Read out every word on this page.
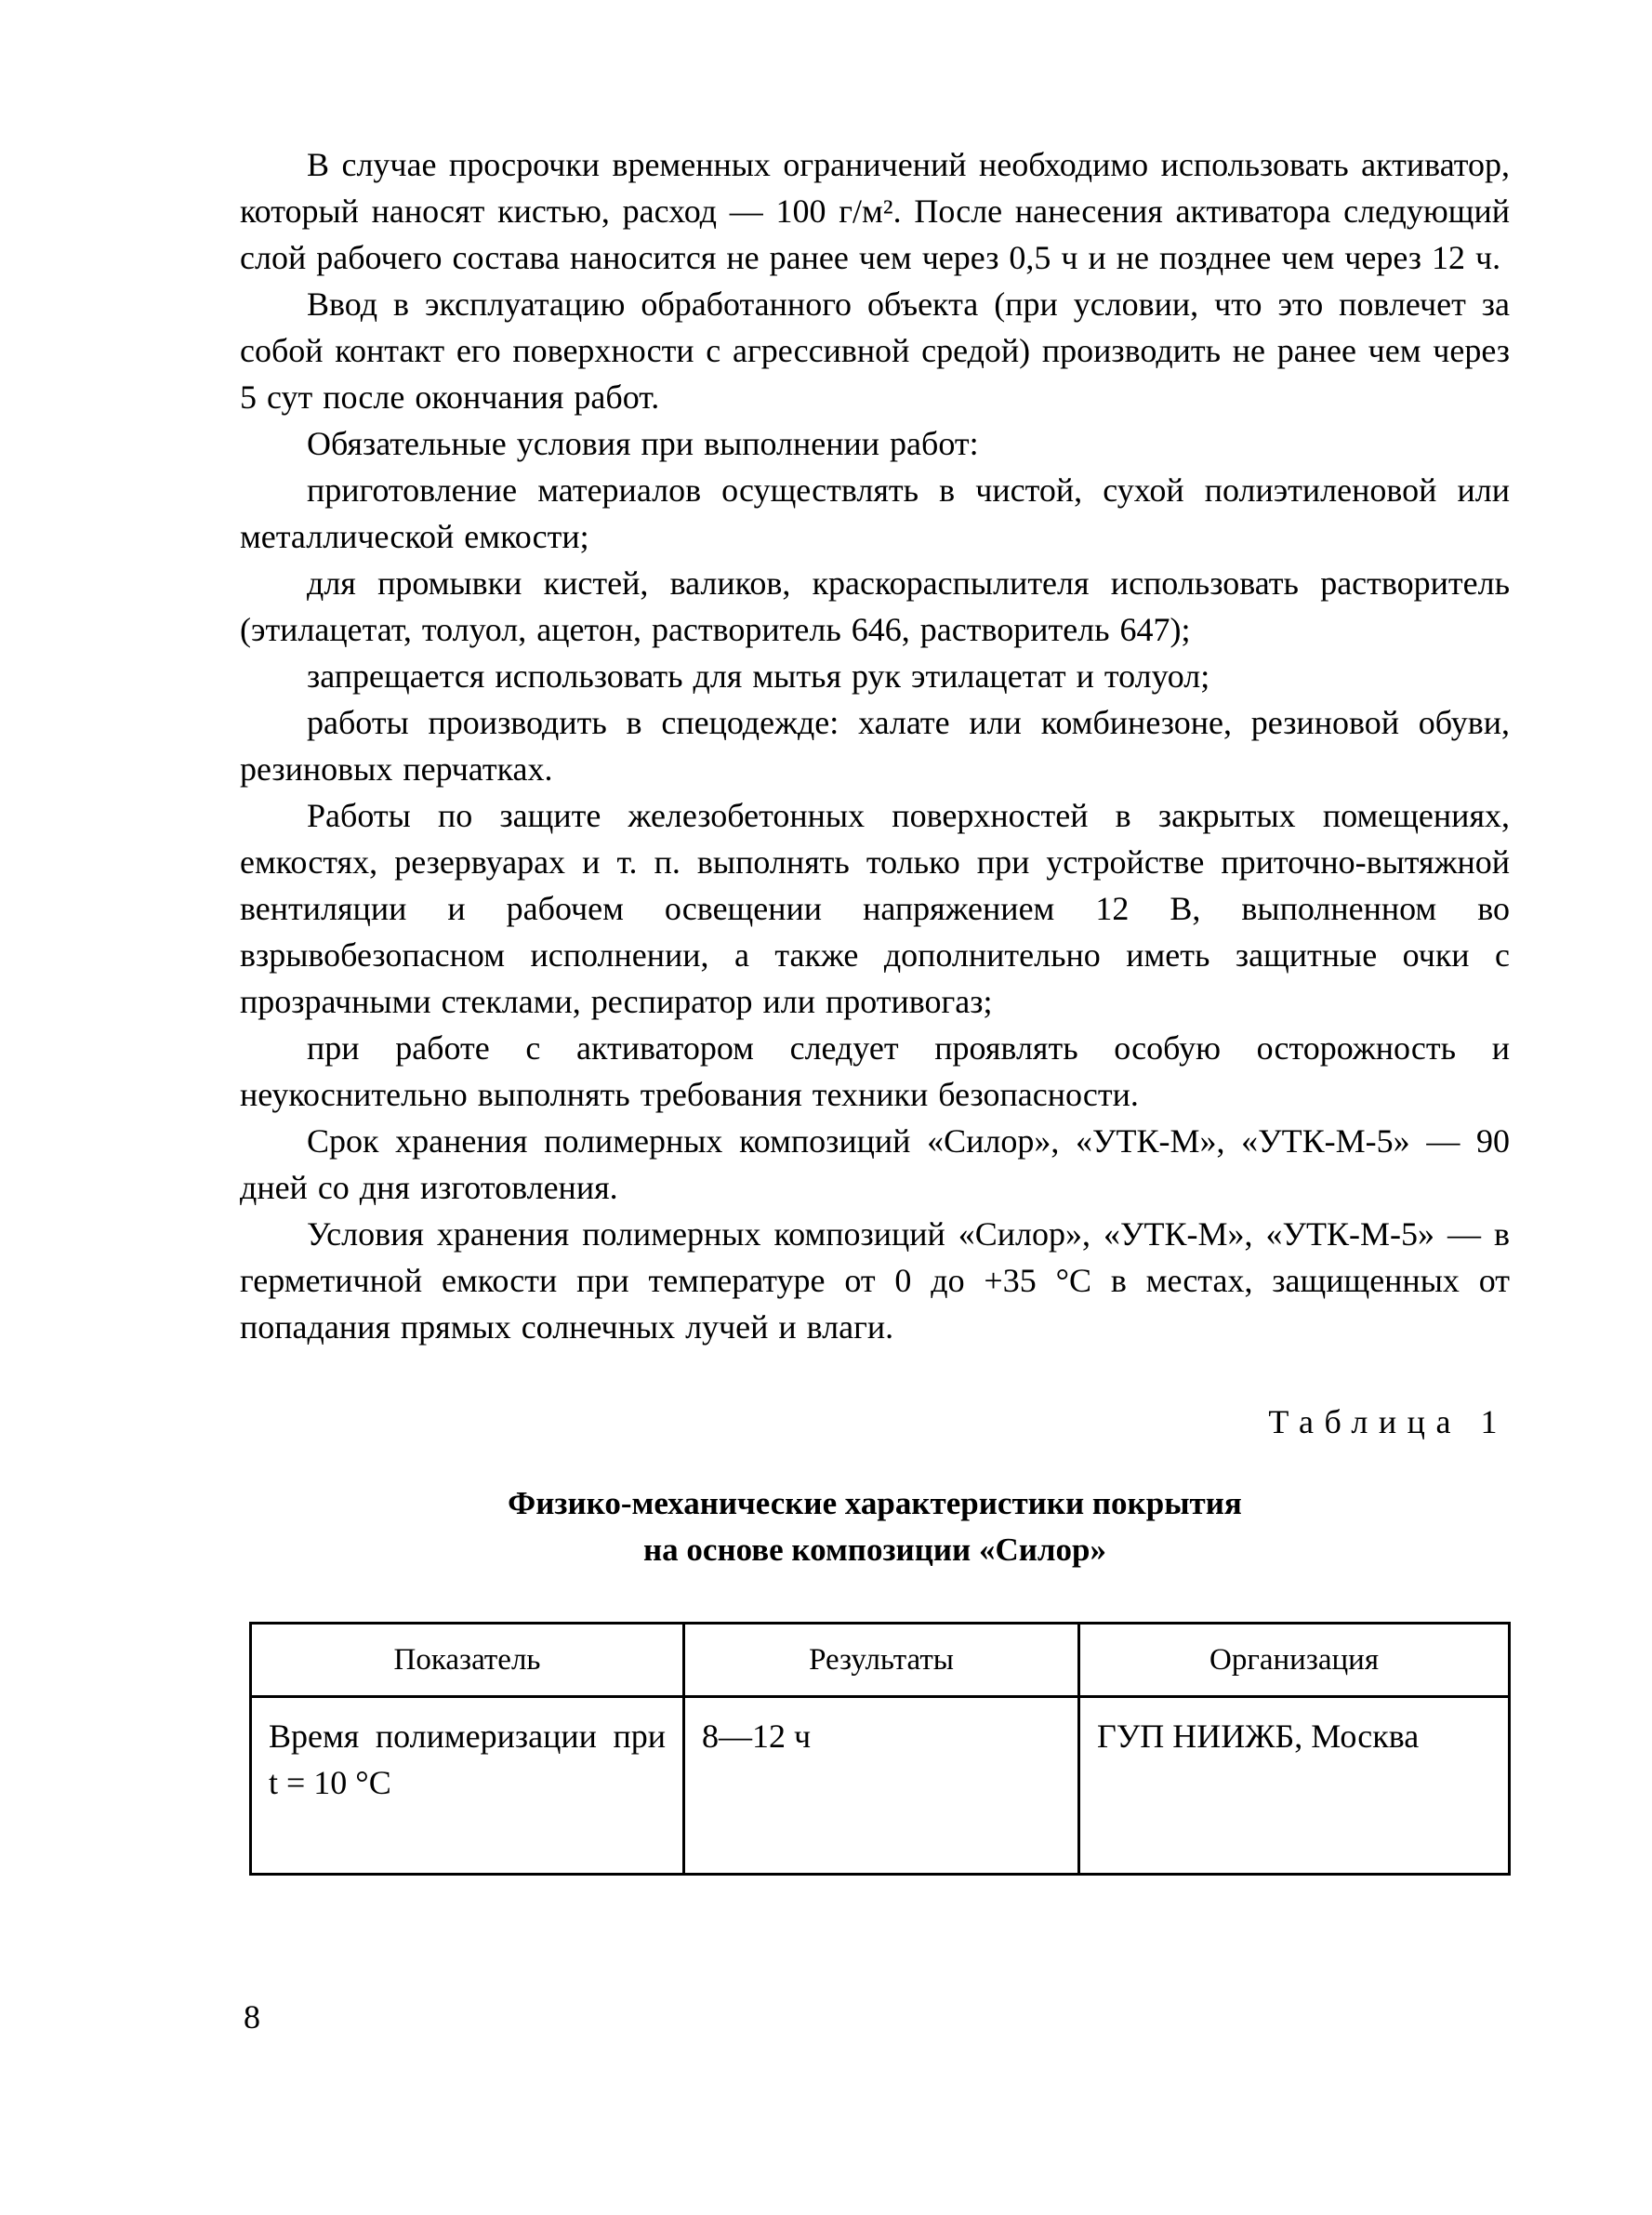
В случае просрочки временных ограничений необходимо использовать активатор, который наносят кистью, расход — 100 г/м². После нанесения активатора следующий слой рабочего состава наносится не ранее чем через 0,5 ч и не позднее чем через 12 ч.

Ввод в эксплуатацию обработанного объекта (при условии, что это повлечет за собой контакт его поверхности с агрессивной средой) производить не ранее чем через 5 сут после окончания работ.

Обязательные условия при выполнении работ:

приготовление материалов осуществлять в чистой, сухой полиэтиленовой или металлической емкости;

для промывки кистей, валиков, краскораспылителя использовать растворитель (этилацетат, толуол, ацетон, растворитель 646, растворитель 647);

запрещается использовать для мытья рук этилацетат и толуол;

работы производить в спецодежде: халате или комбинезоне, резиновой обуви, резиновых перчатках.

Работы по защите железобетонных поверхностей в закрытых помещениях, емкостях, резервуарах и т. п. выполнять только при устройстве приточно-вытяжной вентиляции и рабочем освещении напряжением 12 В, выполненном во взрывобезопасном исполнении, а также дополнительно иметь защитные очки с прозрачными стеклами, респиратор или противогаз;

при работе с активатором следует проявлять особую осторожность и неукоснительно выполнять требования техники безопасности.

Срок хранения полимерных композиций «Силор», «УТК-М», «УТК-М-5» — 90 дней со дня изготовления.

Условия хранения полимерных композиций «Силор», «УТК-М», «УТК-М-5» — в герметичной емкости при температуре от 0 до +35 °С в местах, защищенных от попадания прямых солнечных лучей и влаги.

Таблица 1
Физико-механические характеристики покрытия
на основе композиции «Силор»
Показатель	Результаты	Организация
Время полимеризации при t = 10 °С	8—12 ч	ГУП НИИЖБ, Москва
8
